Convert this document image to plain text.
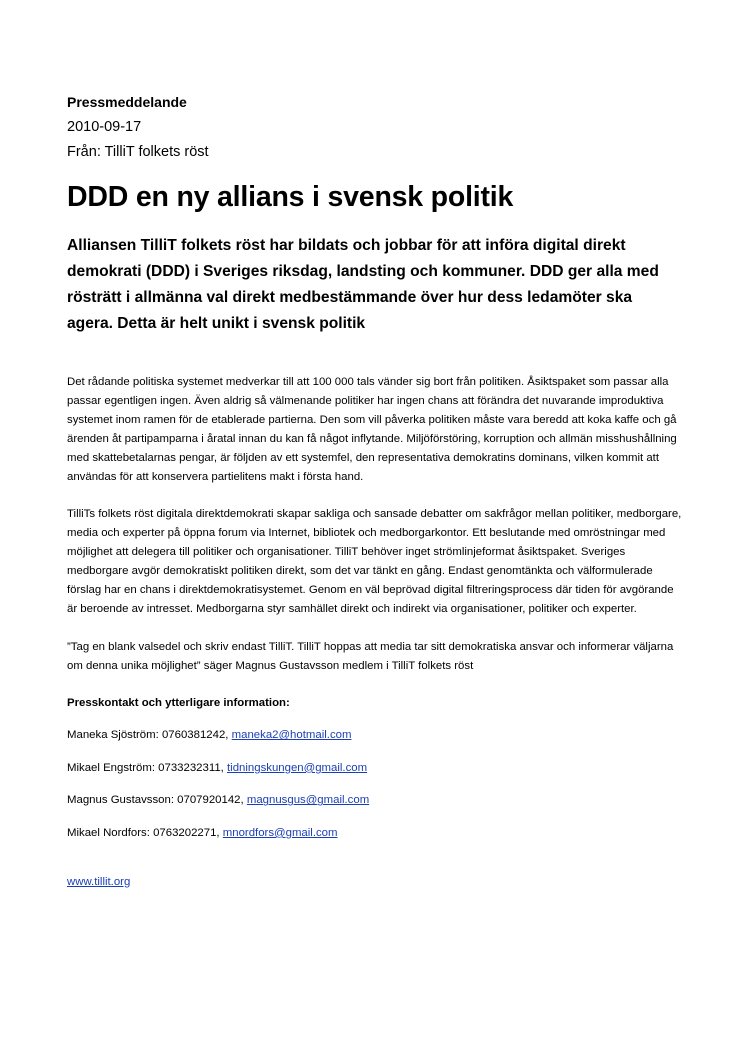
Pressmeddelande
2010-09-17
Från: TilliT folkets röst
DDD en ny allians i svensk politik

Alliansen TilliT folkets röst har bildats och jobbar för att införa digital direkt demokrati (DDD) i Sveriges riksdag, landsting och kommuner. DDD ger alla med rösträtt i allmänna val direkt medbestämmande över hur dess ledamöter ska agera. Detta är helt unikt i svensk politik

Det rådande politiska systemet medverkar till att 100 000 tals vänder sig bort från politiken. Åsiktspaket som passar alla passar egentligen ingen. Även aldrig så välmenande politiker har ingen chans att förändra det nuvarande improduktiva systemet inom ramen för de etablerade partierna. Den som vill påverka politiken måste vara beredd att koka kaffe och gå ärenden åt partipamparna i åratal innan du kan få något inflytande. Miljöförstöring, korruption och allmän misshushållning med skattebetalarnas pengar, är följden av ett systemfel, den representativa demokratins dominans, vilken kommit att användas för att konservera partielitens makt i första hand.

TilliTs folkets röst digitala direktdemokrati skapar sakliga och sansade debatter om sakfrågor mellan politiker, medborgare, media och experter på öppna forum via Internet, bibliotek och medborgarkontor. Ett beslutande med omröstningar med möjlighet att delegera till politiker och organisationer. TilliT behöver inget strömlinjeformat åsiktspaket. Sveriges medborgare avgör demokratiskt politiken direkt, som det var tänkt en gång. Endast genomtänkta och välformulerade förslag har en chans i direktdemokratisystemet. Genom en väl beprövad digital filtreringsprocess där tiden för avgörande är beroende av intresset. Medborgarna styr samhället direkt och indirekt via organisationer, politiker och experter.

”Tag en blank valsedel och skriv endast TilliT. TilliT hoppas att media tar sitt demokratiska ansvar och informerar väljarna om denna unika möjlighet” säger Magnus Gustavsson medlem i TilliT folkets röst

Presskontakt och ytterligare information:
Maneka Sjöström: 0760381242, maneka2@hotmail.com
Mikael Engström: 0733232311, tidningskungen@gmail.com
Magnus Gustavsson: 0707920142, magnusgus@gmail.com
Mikael Nordfors: 0763202271, mnordfors@gmail.com
www.tillit.org
